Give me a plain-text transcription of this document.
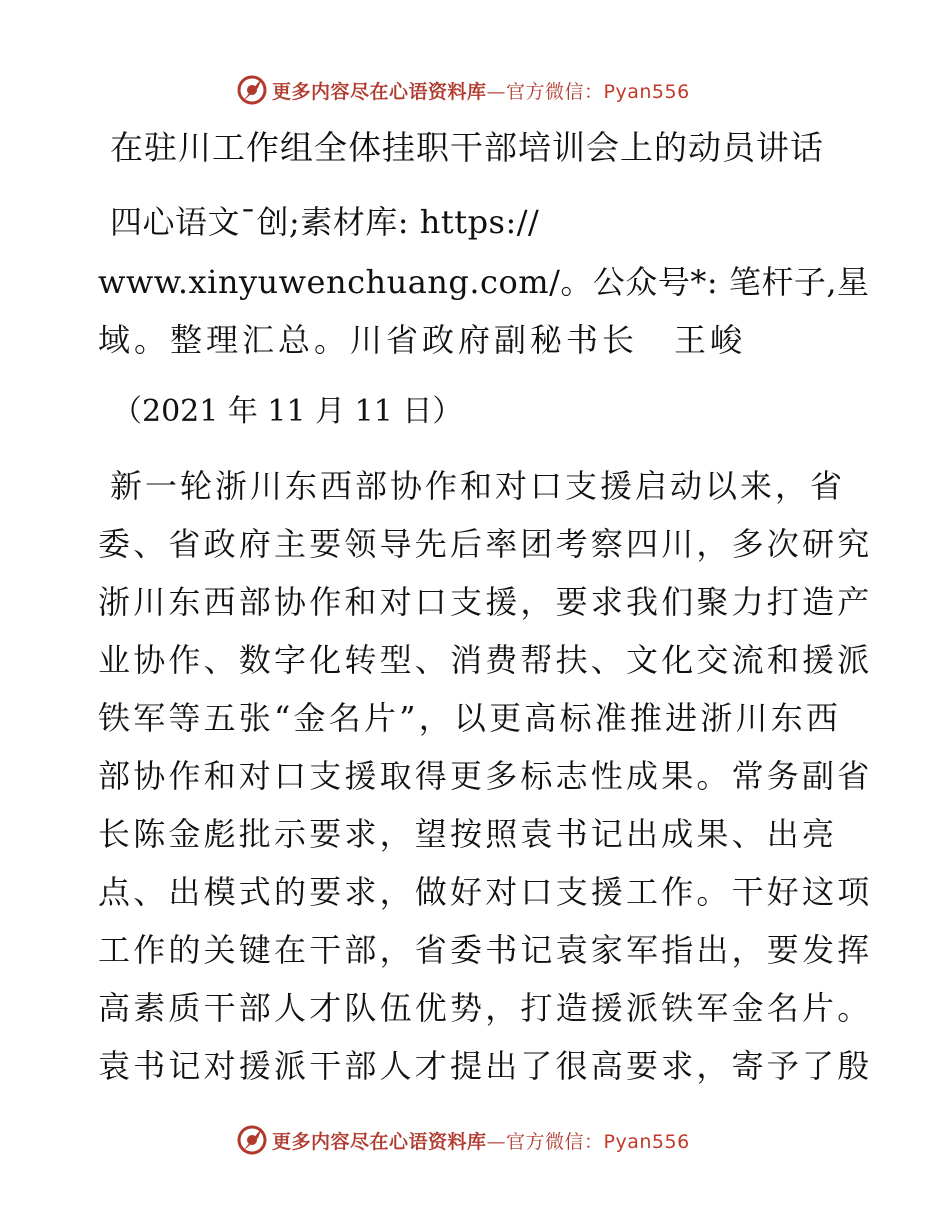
更多内容尽在心语资料库—官方微信：Pyan556
在驻川工作组全体挂职干部培训会上的动员讲话
四心语文¯创;素材库: https://
www.xinyuwenchuang.com/。公众号*: 笔杆子,星
域。整理汇总。川省政府副秘书长　王峻
（2021 年 11 月 11 日）
新一轮浙川东西部协作和对口支援启动以来，省
委、省政府主要领导先后率团考察四川，多次研究
浙川东西部协作和对口支援，要求我们聚力打造产
业协作、数字化转型、消费帮扶、文化交流和援派
铁军等五张“金名片”，以更高标准推进浙川东西
部协作和对口支援取得更多标志性成果。常务副省
长陈金彪批示要求，望按照袁书记出成果、出亮
点、出模式的要求，做好对口支援工作。干好这项
工作的关键在干部，省委书记袁家军指出，要发挥
高素质干部人才队伍优势，打造援派铁军金名片。
袁书记对援派干部人才提出了很高要求，寄予了殷
更多内容尽在心语资料库—官方微信：Pyan556
